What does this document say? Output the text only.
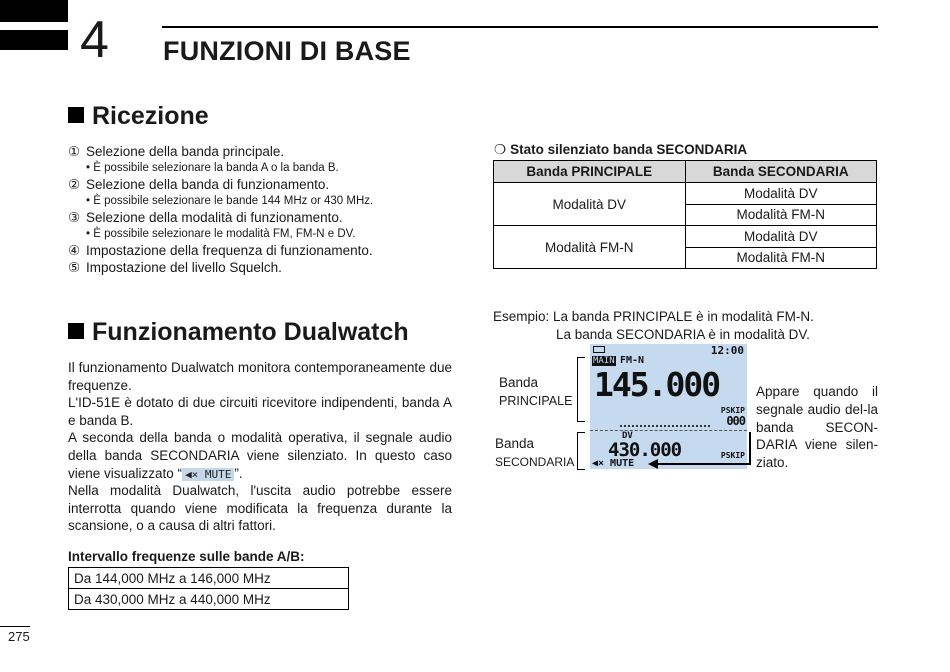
4 FUNZIONI DI BASE
Ricezione
① Selezione della banda principale.
• È possibile selezionare la banda A o la banda B.
② Selezione della banda di funzionamento.
• È possibile selezionare le bande 144 MHz or 430 MHz.
③ Selezione della modalità di funzionamento.
• È possibile selezionare le modalità FM, FM-N e DV.
④ Impostazione della frequenza di funzionamento.
⑤ Impostazione del livello Squelch.
Funzionamento Dualwatch

Il funzionamento Dualwatch monitora contemporaneamente due frequenze.

L'ID-51E è dotato di due circuiti ricevitore indipendenti, banda A e banda B.

A seconda della banda o modalità operativa, il segnale audio della banda SECONDARIA viene silenziato. In questo caso viene visualizzato “ ◀× MUTE ”.

Nella modalità Dualwatch, l'uscita audio potrebbe essere interrotta quando viene modificata la frequenza durante la scansione, o a causa di altri fattori.

Intervallo frequenze sulle bande A/B:
Da 144,000 MHz a 146,000 MHz
Da 430,000 MHz a 440,000 MHz
275
❍ Stato silenziato banda SECONDARIA
Banda PRINCIPALE	Banda SECONDARIA
Modalità DV	Modalità DV
	Modalità FM-N
Modalità FM-N	Modalità DV
	Modalità FM-N
Esempio: La banda PRINCIPALE è in modalità FM-N.
La banda SECONDARIA è in modalità DV.
Banda
PRINCIPALE
Banda
SECONDARIA
12:00
MAIN FM-N
145.000
PSKIP
000
DV
430.000	PSKIP
◀× MUTE
Appare quando il segnale audio del-la banda SECON-DARIA viene silen-ziato.
